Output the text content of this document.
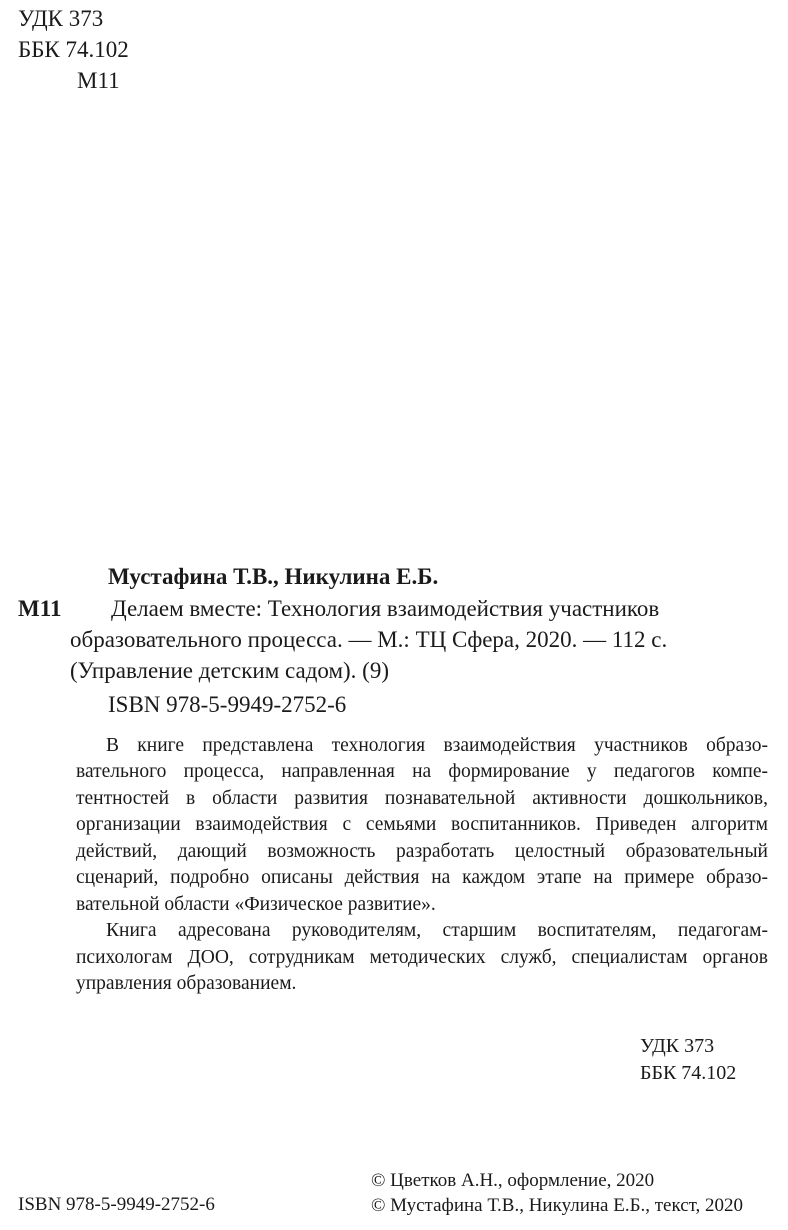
УДК 373
ББК 74.102
М11
Мустафина Т.В., Никулина Е.Б.
М11 Делаем вместе: Технология взаимодействия участников
образовательного процесса. — М.: ТЦ Сфера, 2020. — 112 с.
(Управление детским садом). (9)
ISBN 978-5-9949-2752-6
В книге представлена технология взаимодействия участников образо-
вательного процесса, направленная на формирование у педагогов компе-
тентностей в области развития познавательной активности дошкольников,
организации взаимодействия с семьями воспитанников. Приведен алгоритм
действий, дающий возможность разработать целостный образовательный
сценарий, подробно описаны действия на каждом этапе на примере образо-
вательной области «Физическое развитие».
Книга адресована руководителям, старшим воспитателям, педагогам-
психологам ДОО, сотрудникам методических служб, специалистам органов
управления образованием.
УДК 373
ББК 74.102
ISBN 978-5-9949-2752-6
© Цветков А.Н., оформление, 2020
© Мустафина Т.В., Никулина Е.Б., текст, 2020
